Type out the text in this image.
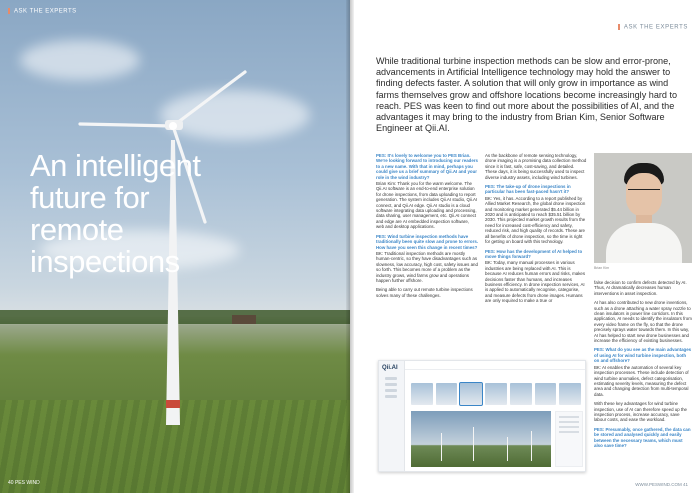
ASK THE EXPERTS
An intelligent future for remote inspections
40 PES WIND
ASK THE EXPERTS

While traditional turbine inspection methods can be slow and error-prone, advancements in Artificial Intelligence technology may hold the answer to finding defects faster. A solution that will only grow in importance as wind farms themselves grow and offshore locations become increasingly hard to reach. PES was keen to find out more about the possibilities of AI, and the advantages it may bring to the industry from Brian Kim, Senior Software Engineer at Qii.AI.

PES: It's lovely to welcome you to PES Brian. We're looking forward to introducing our readers to a new name. With that in mind, perhaps you could give us a brief summary of Qii.AI and your role in the wind industry?
Brian Kim: Thank you for the warm welcome. The Qii.AI software is an end-to-end enterprise solution for drone inspections, from data uploading to report generation. The system includes Qii.AI studio, Qii.AI connect, and Qii.AI edge. Qii.AI studio is a cloud software integrating data uploading and processing, data sharing, user management, etc. Qii.AI connect and edge are AI embedded inspection software, web and desktop applications.
PES: Wind turbine inspection methods have traditionally been quite slow and prone to errors. How have you seen this change in recent times?
BK: Traditional inspection methods are mostly human-centric, so they have disadvantages such as slowness, low accuracy, high cost, safety issues and so forth. This becomes more of a problem as the industry grows, wind farms grow and operations happen further offshore.
Being able to carry out remote turbine inspections solves many of these challenges.
As the backbone of remote sensing technology, drone imaging is a promising data collection method since it is fast, safe, cost-saving, and detailed. These days, it is being successfully used to inspect diverse industry assets, including wind turbines.
PES: The take-up of drone inspections in particular has been fast-paced hasn't it?
BK: Yes, it has. According to a report published by Allied Market Research, the global drone inspection and monitoring market generated $5.44 billion in 2020 and is anticipated to reach $35.51 billion by 2030. This projected market growth results from the need for increased cost-efficiency and safety, reduced risk, and high quality of records. These are all benefits of drone inspection, so the time is right for getting on board with this technology.
PES: How has the development of AI helped to move things forward?
BK: Today, many manual processes in various industries are being replaced with AI. This is because AI reduces human errors and risks, makes decisions faster than humans, and increases business efficiency. In drone inspection services, AI is applied to automatically recognise, categorise, and measure defects from drone images. Humans are only required to make a true or
Brian Kim
false decision to confirm defects detected by AI. Thus, AI dramatically decreases human interventions in asset inspection.
AI has also contributed to new drone inventions, such as a drone attaching a water spray nozzle to clean insulators in power line corridors. In this application, AI needs to identify the insulators from every video frame on the fly, so that the drone precisely sprays water towards them. In this way, AI has helped to start new drone businesses and increase the efficiency of existing businesses.
PES: What do you see as the main advantages of using AI for wind turbine inspection, both on and offshore?
BK: AI enables the automation of several key inspection processes. These include detection of wind turbine anomalies, defect categorisation, estimating severity levels, measuring the defect area and changing detection from multi-temporal data.
With these key advantages for wind turbine inspection, use of AI can therefore speed up the inspection process, increase accuracy, save labour costs, and ease the workload.
PES: Presumably, once gathered, the data can be stored and analysed quickly and easily between the necessary teams, which must also save time?
Qii.AI
WWW.PESWIND.COM 41
